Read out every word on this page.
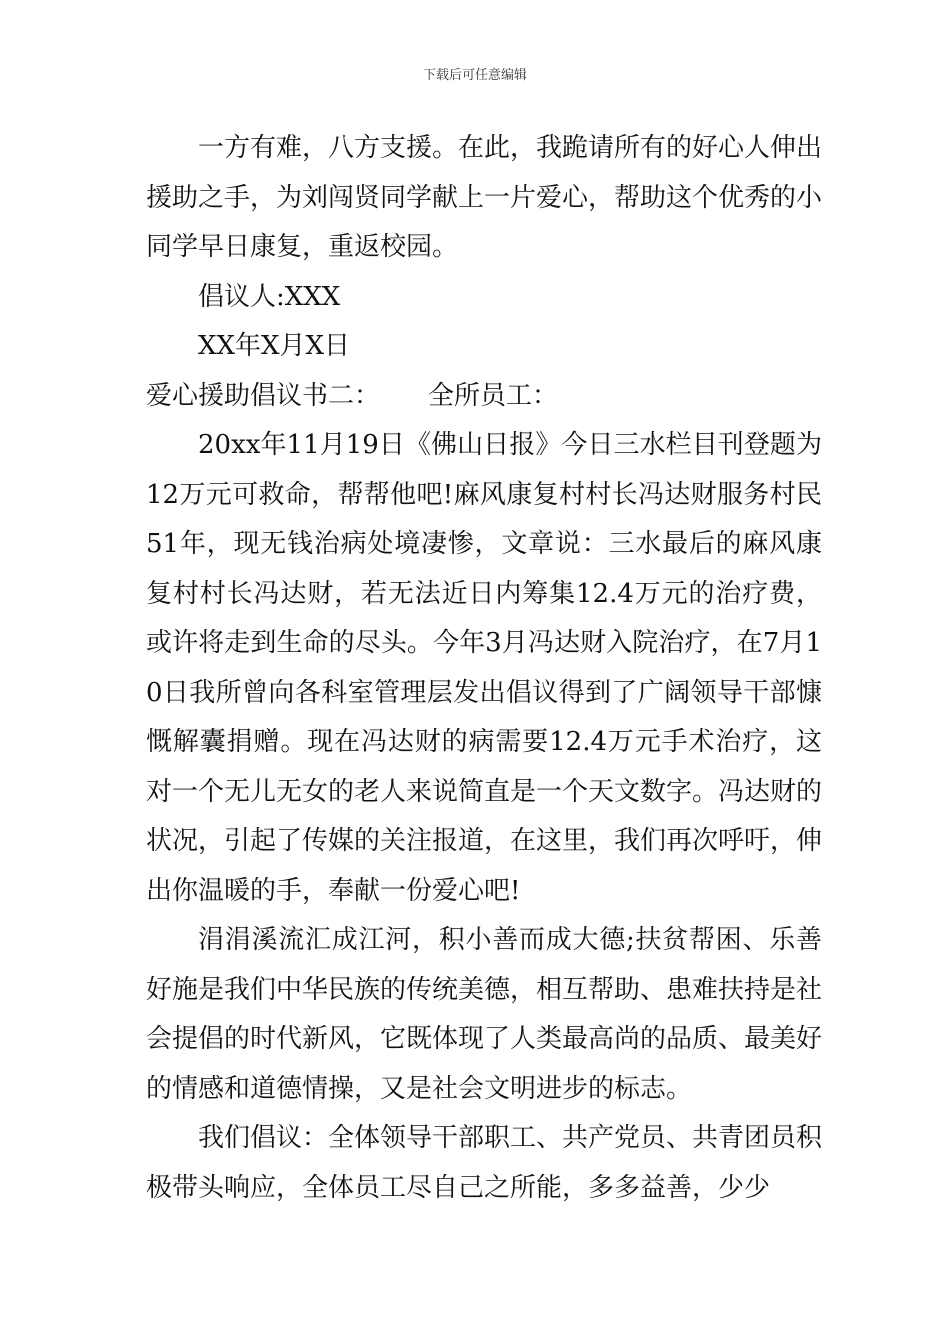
下载后可任意编辑

一方有难，八方支援。在此，我跪请所有的好心人伸出援助之手，为刘闯贤同学献上一片爱心，帮助这个优秀的小同学早日康复，重返校园。

倡议人:XXX

XX年X月X日

爱心援助倡议书二： 全所员工：

20xx年11月19日《佛山日报》今日三水栏目刊登题为12万元可救命，帮帮他吧!麻风康复村村长冯达财服务村民51年，现无钱治病处境凄惨，文章说：三水最后的麻风康复村村长冯达财，若无法近日内筹集12.4万元的治疗费，或许将走到生命的尽头。今年3月冯达财入院治疗，在7月10日我所曾向各科室管理层发出倡议得到了广阔领导干部慷慨解囊捐赠。现在冯达财的病需要12.4万元手术治疗，这对一个无儿无女的老人来说简直是一个天文数字。冯达财的状况，引起了传媒的关注报道，在这里，我们再次呼吁，伸出你温暖的手，奉献一份爱心吧!

涓涓溪流汇成江河，积小善而成大德;扶贫帮困、乐善好施是我们中华民族的传统美德，相互帮助、患难扶持是社会提倡的时代新风，它既体现了人类最高尚的品质、最美好的情感和道德情操，又是社会文明进步的标志。

我们倡议：全体领导干部职工、共产党员、共青团员积极带头响应，全体员工尽自己之所能，多多益善，少少
